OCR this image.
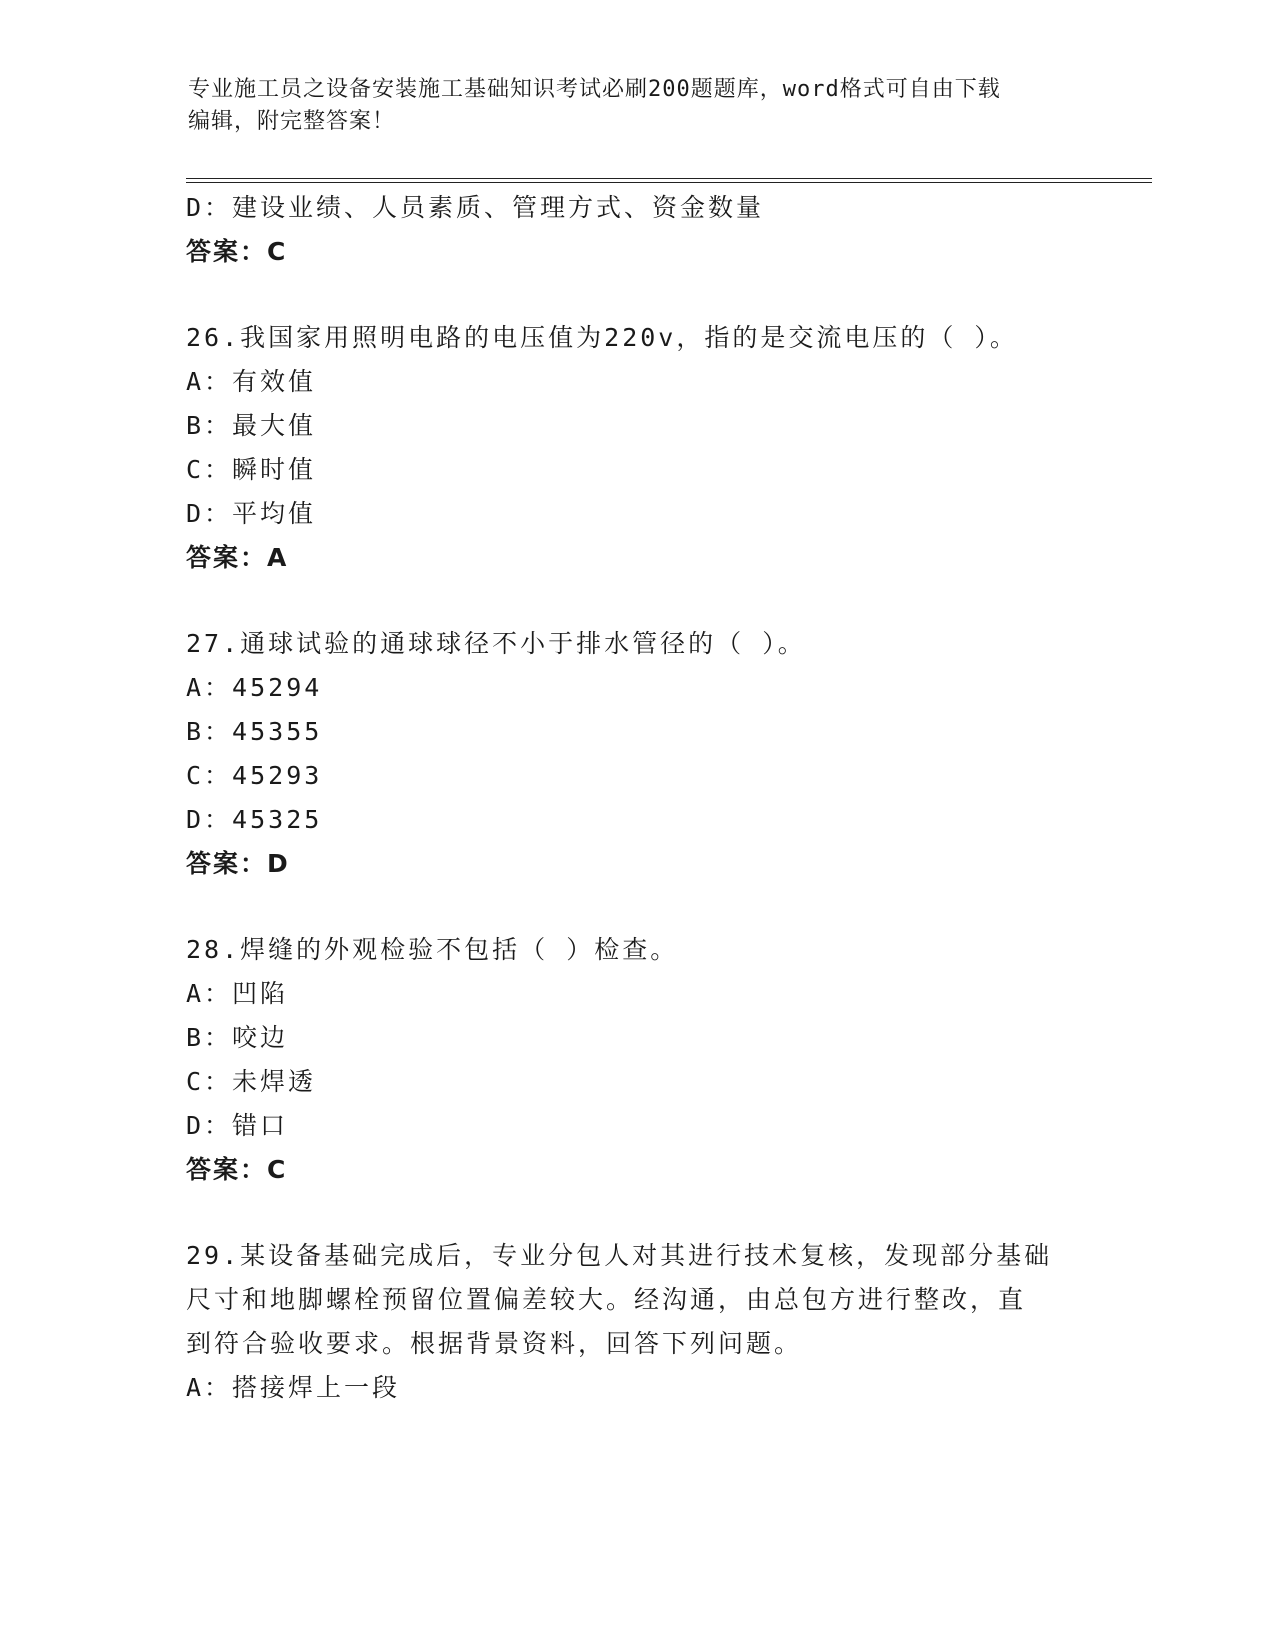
专业施工员之设备安装施工基础知识考试必刷200题题库，word格式可自由下载
编辑，附完整答案！
D：建设业绩、人员素质、管理方式、资金数量
答案：C
26.我国家用照明电路的电压值为220v，指的是交流电压的（ ）。
A：有效值
B：最大值
C：瞬时值
D：平均值
答案：A
27.通球试验的通球球径不小于排水管径的（ ）。
A：45294
B：45355
C：45293
D：45325
答案：D
28.焊缝的外观检验不包括（ ）检查。
A：凹陷
B：咬边
C：未焊透
D：错口
答案：C
29.某设备基础完成后，专业分包人对其进行技术复核，发现部分基础
尺寸和地脚螺栓预留位置偏差较大。经沟通，由总包方进行整改，直
到符合验收要求。根据背景资料，回答下列问题。
A：搭接焊上一段
